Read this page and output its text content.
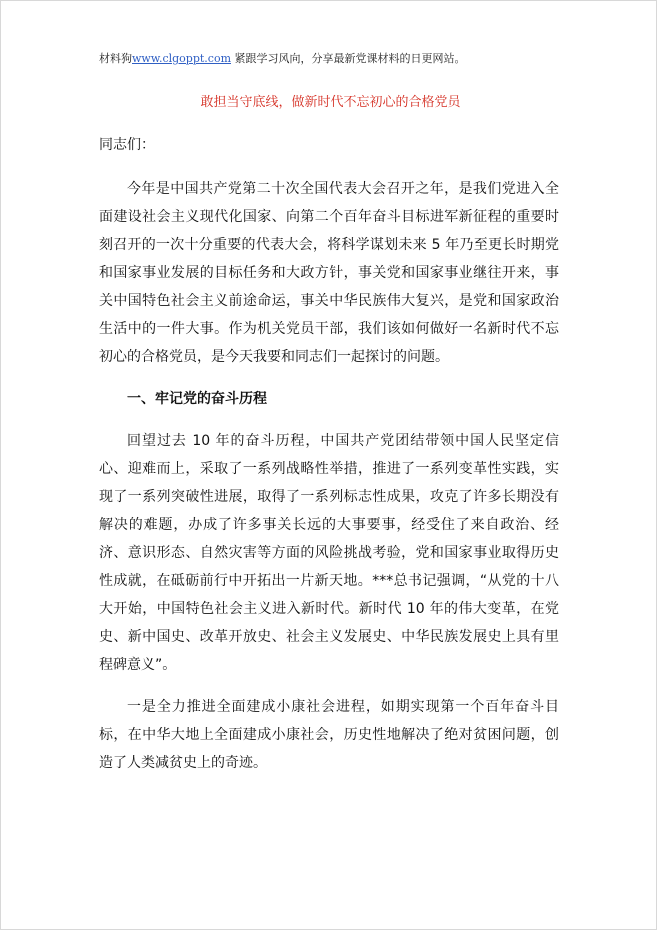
材料狗www.clgoppt.com 紧跟学习风向，分享最新党课材料的日更网站。
敢担当守底线，做新时代不忘初心的合格党员

同志们：

今年是中国共产党第二十次全国代表大会召开之年，是我们党进入全面建设社会主义现代化国家、向第二个百年奋斗目标进军新征程的重要时刻召开的一次十分重要的代表大会，将科学谋划未来 5 年乃至更长时期党和国家事业发展的目标任务和大政方针，事关党和国家事业继往开来，事关中国特色社会主义前途命运，事关中华民族伟大复兴，是党和国家政治生活中的一件大事。作为机关党员干部，我们该如何做好一名新时代不忘初心的合格党员，是今天我要和同志们一起探讨的问题。

一、牢记党的奋斗历程

回望过去 10 年的奋斗历程，中国共产党团结带领中国人民坚定信心、迎难而上，采取了一系列战略性举措，推进了一系列变革性实践，实现了一系列突破性进展，取得了一系列标志性成果，攻克了许多长期没有解决的难题，办成了许多事关长远的大事要事，经受住了来自政治、经济、意识形态、自然灾害等方面的风险挑战考验，党和国家事业取得历史性成就，在砥砺前行中开拓出一片新天地。***总书记强调，“从党的十八大开始，中国特色社会主义进入新时代。新时代 10 年的伟大变革，在党史、新中国史、改革开放史、社会主义发展史、中华民族发展史上具有里程碑意义”。

一是全力推进全面建成小康社会进程，如期实现第一个百年奋斗目标，在中华大地上全面建成小康社会，历史性地解决了绝对贫困问题，创造了人类减贫史上的奇迹。
